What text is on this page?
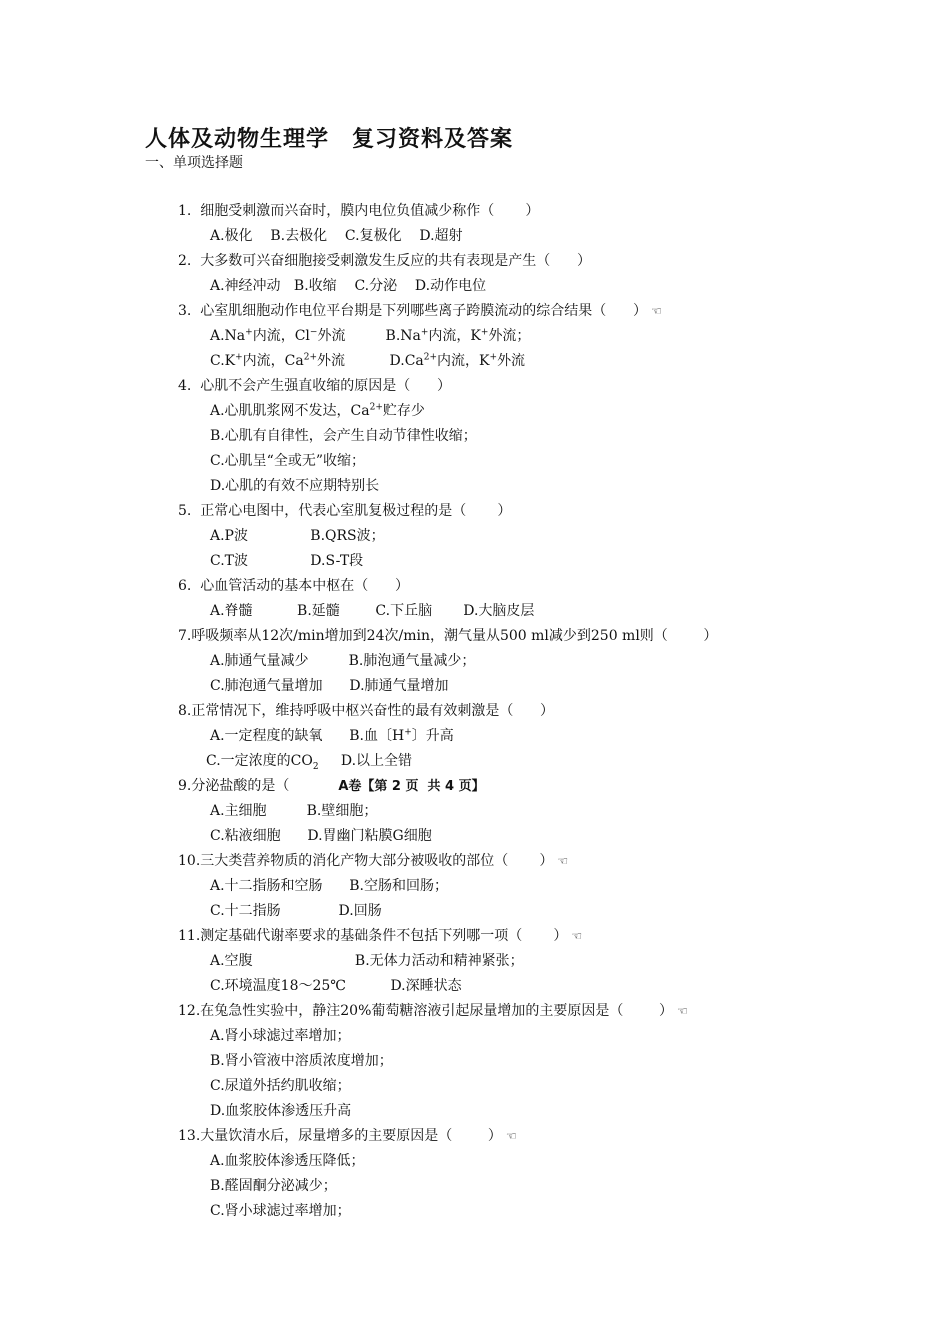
人体及动物生理学　复习资料及答案
一、单项选择题
1.  细胞受刺激而兴奋时，膜内电位负值减少称作（       ）
A.极化    B.去极化    C.复极化    D.超射
2.  大多数可兴奋细胞接受刺激发生反应的共有表现是产生（      ）
A.神经冲动   B.收缩    C.分泌    D.动作电位
3.  心室肌细胞动作电位平台期是下列哪些离子跨膜流动的综合结果（      ） ☜
A.Na+内流，Cl−外流	B.Na+内流，K+外流；
C.K+内流，$Ca^{2+}$外流	$D.Ca^{2+}$内流，K+外流
4.  心肌不会产生强直收缩的原因是（      ）
A.心肌肌浆网不发达，$Ca^{2+}$贮存少
B.心肌有自律性，会产生自动节律性收缩；
C.心肌呈“全或无”收缩；
D.心肌的有效不应期特别长
5.  正常心电图中，代表心室肌复极过程的是（       ）
A.P波              B.QRS波；
C.T波              D.S-T段
6.  心血管活动的基本中枢在（      ）
A.脊髓          B.延髓        C.下丘脑       D.大脑皮层
7.呼吸频率从12次/min增加到24次/min，潮气量从500 ml减少到250 ml则（        ）
A.肺通气量减少         B.肺泡通气量减少；
C.肺泡通气量增加      D.肺通气量增加
8.正常情况下，维持呼吸中枢兴奋性的最有效刺激是（      ）
A.一定程度的缺氧      B.血〔H+〕升高
C.一定浓度的$CO_2$     D.以上全错
9.分泌盐酸的是（           A卷【第 2 页  共 4 页】
A.主细胞         B.壁细胞；
C.粘液细胞      D.胃幽门粘膜G细胞
10.三大类营养物质的消化产物大部分被吸收的部位（       ） ☜
A.十二指肠和空肠      B.空肠和回肠；
C.十二指肠             D.回肠
11.测定基础代谢率要求的基础条件不包括下列哪一项（       ） ☜
A.空腹                       B.无体力活动和精神紧张；
C.环境温度18～25℃          D.深睡状态
12.在兔急性实验中，静注20%葡萄糖溶液引起尿量增加的主要原因是（        ） ☜
A.肾小球滤过率增加；
B.肾小管液中溶质浓度增加；
C.尿道外括约肌收缩；
D.血浆胶体渗透压升高
13.大量饮清水后，尿量增多的主要原因是（        ） ☜
A.血浆胶体渗透压降低；
B.醛固酮分泌减少；
C.肾小球滤过率增加；
